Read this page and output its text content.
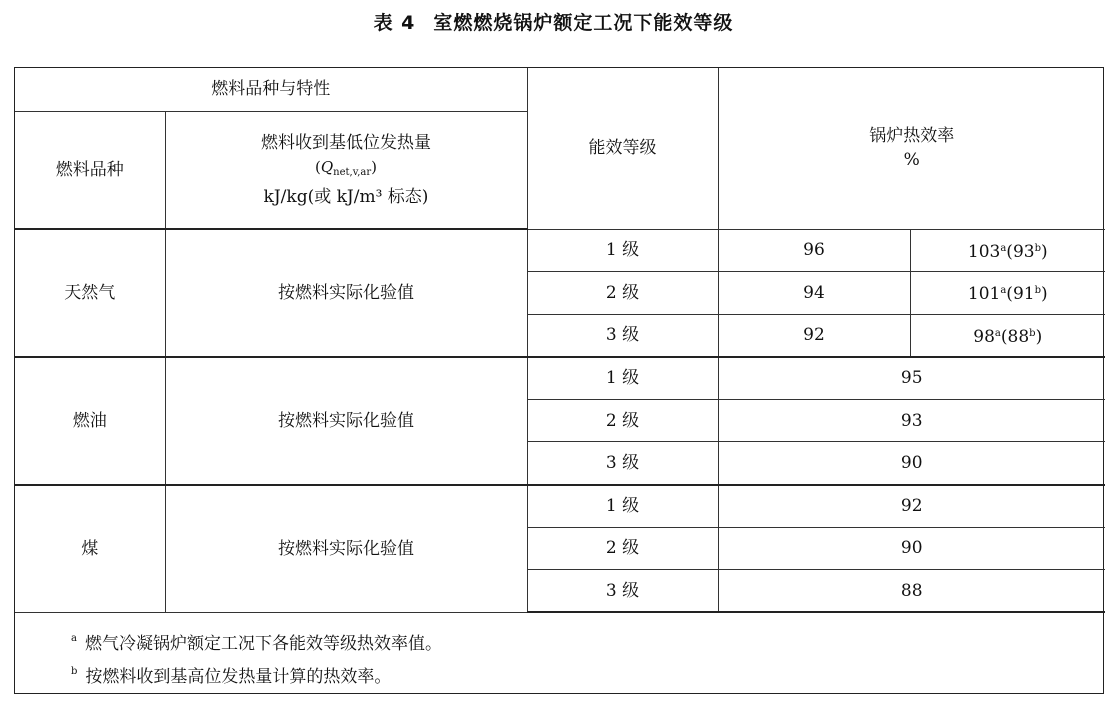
表 4 室燃燃烧锅炉额定工况下能效等级
燃料品种与特性		能效等级	锅炉热效率
%	

燃料品种	燃料收到基低位发热量
$(Q_{net,v,ar})$
kJ/kg(或 kJ/m³ 标态)			

天然气	按燃料实际化验值	1 级	96	103$^a$(93$^b$)
		2 级	94	101$^a$(91$^b$)
		3 级	92	98$^a$(88$^b$)
燃油	按燃料实际化验值	1 级	95	
		2 级	93	
		3 级	90	
煤	按燃料实际化验值	1 级	92	
		2 级	90	
		3 级	88	
$^a$ 燃气冷凝锅炉额定工况下各能效等级热效率值。
$^b$ 按燃料收到基高位发热量计算的热效率。
